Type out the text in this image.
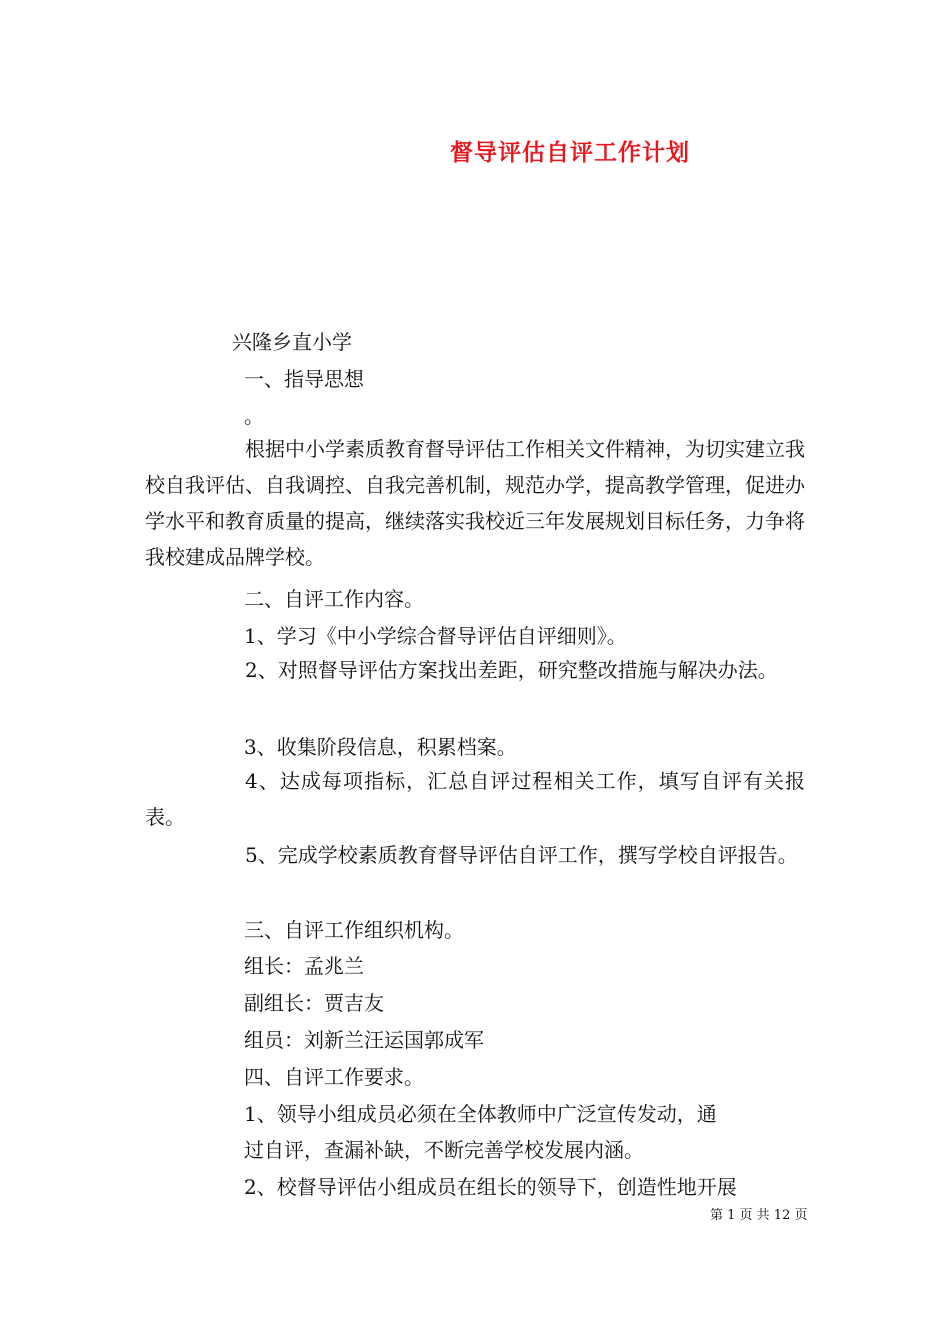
督导评估自评工作计划
兴隆乡直小学
一、指导思想
。
根据中小学素质教育督导评估工作相关文件精神，为切实建立我校自我评估、自我调控、自我完善机制，规范办学，提高教学管理，促进办学水平和教育质量的提高，继续落实我校近三年发展规划目标任务，力争将我校建成品牌学校。
二、自评工作内容。
1、学习《中小学综合督导评估自评细则》。
2、对照督导评估方案找出差距，研究整改措施与解决办法。
3、收集阶段信息，积累档案。
4、达成每项指标，汇总自评过程相关工作，填写自评有关报表。
5、完成学校素质教育督导评估自评工作，撰写学校自评报告。
三、自评工作组织机构。
组长：孟兆兰
副组长：贾吉友
组员：刘新兰汪运国郭成军
四、自评工作要求。
1、领导小组成员必须在全体教师中广泛宣传发动，通
过自评，查漏补缺，不断完善学校发展内涵。
2、校督导评估小组成员在组长的领导下，创造性地开展
第 1 页 共 12 页
